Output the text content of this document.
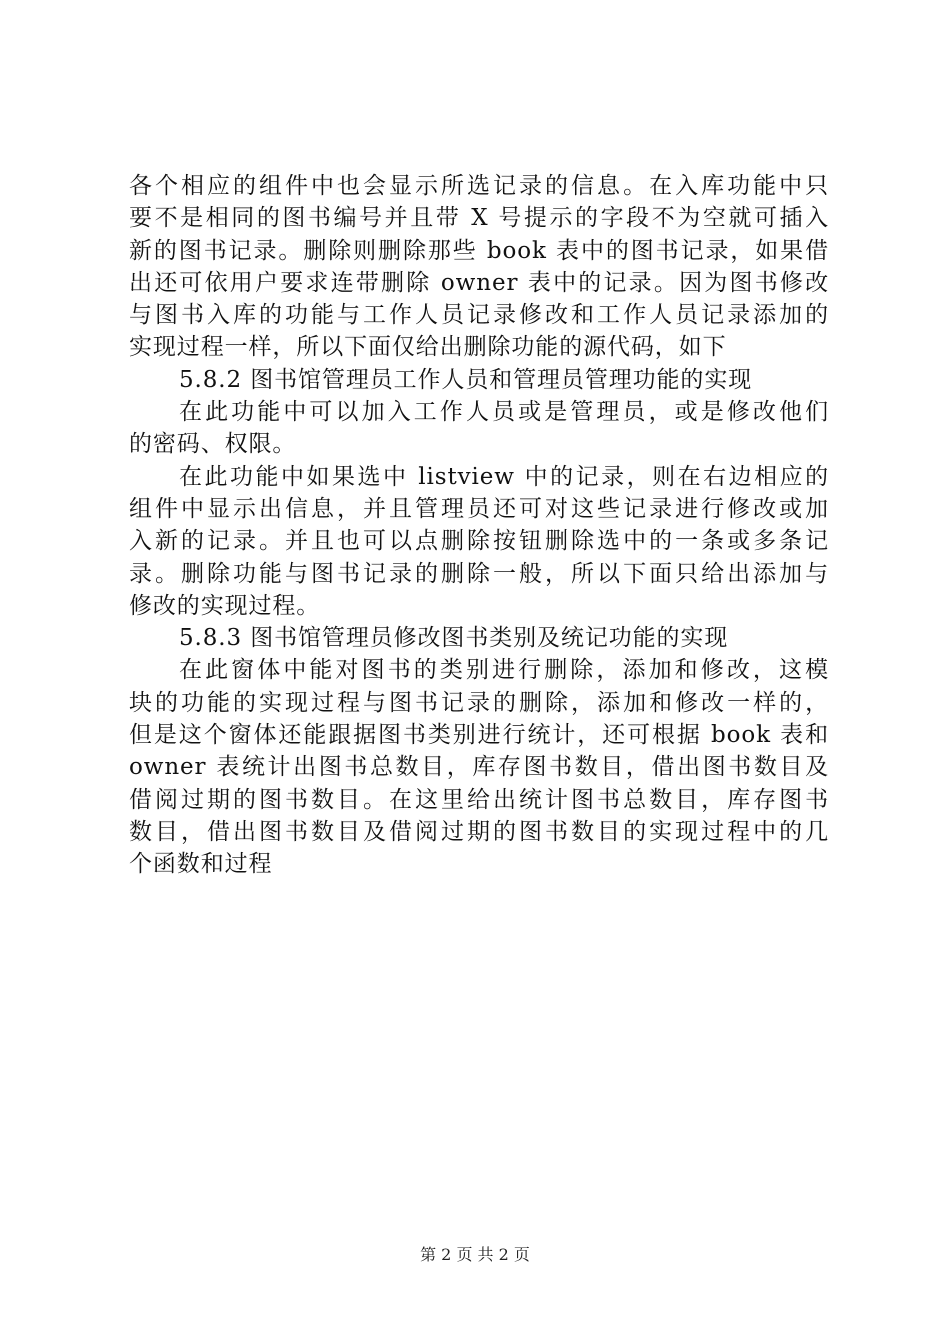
各个相应的组件中也会显示所选记录的信息。在入库功能中只
要不是相同的图书编号并且带 X 号提示的字段不为空就可插入
新的图书记录。删除则删除那些 book 表中的图书记录，如果借
出还可依用户要求连带删除 owner 表中的记录。因为图书修改
与图书入库的功能与工作人员记录修改和工作人员记录添加的
实现过程一样，所以下面仅给出删除功能的源代码，如下
5.8.2 图书馆管理员工作人员和管理员管理功能的实现
在此功能中可以加入工作人员或是管理员，或是修改他们
的密码、权限。
在此功能中如果选中 listview 中的记录，则在右边相应的
组件中显示出信息，并且管理员还可对这些记录进行修改或加
入新的记录。并且也可以点删除按钮删除选中的一条或多条记
录。删除功能与图书记录的删除一般，所以下面只给出添加与
修改的实现过程。
5.8.3 图书馆管理员修改图书类别及统记功能的实现
在此窗体中能对图书的类别进行删除，添加和修改，这模
块的功能的实现过程与图书记录的删除，添加和修改一样的，
但是这个窗体还能跟据图书类别进行统计，还可根据 book 表和
owner 表统计出图书总数目，库存图书数目，借出图书数目及
借阅过期的图书数目。在这里给出统计图书总数目，库存图书
数目，借出图书数目及借阅过期的图书数目的实现过程中的几
个函数和过程
第 2 页 共 2 页
